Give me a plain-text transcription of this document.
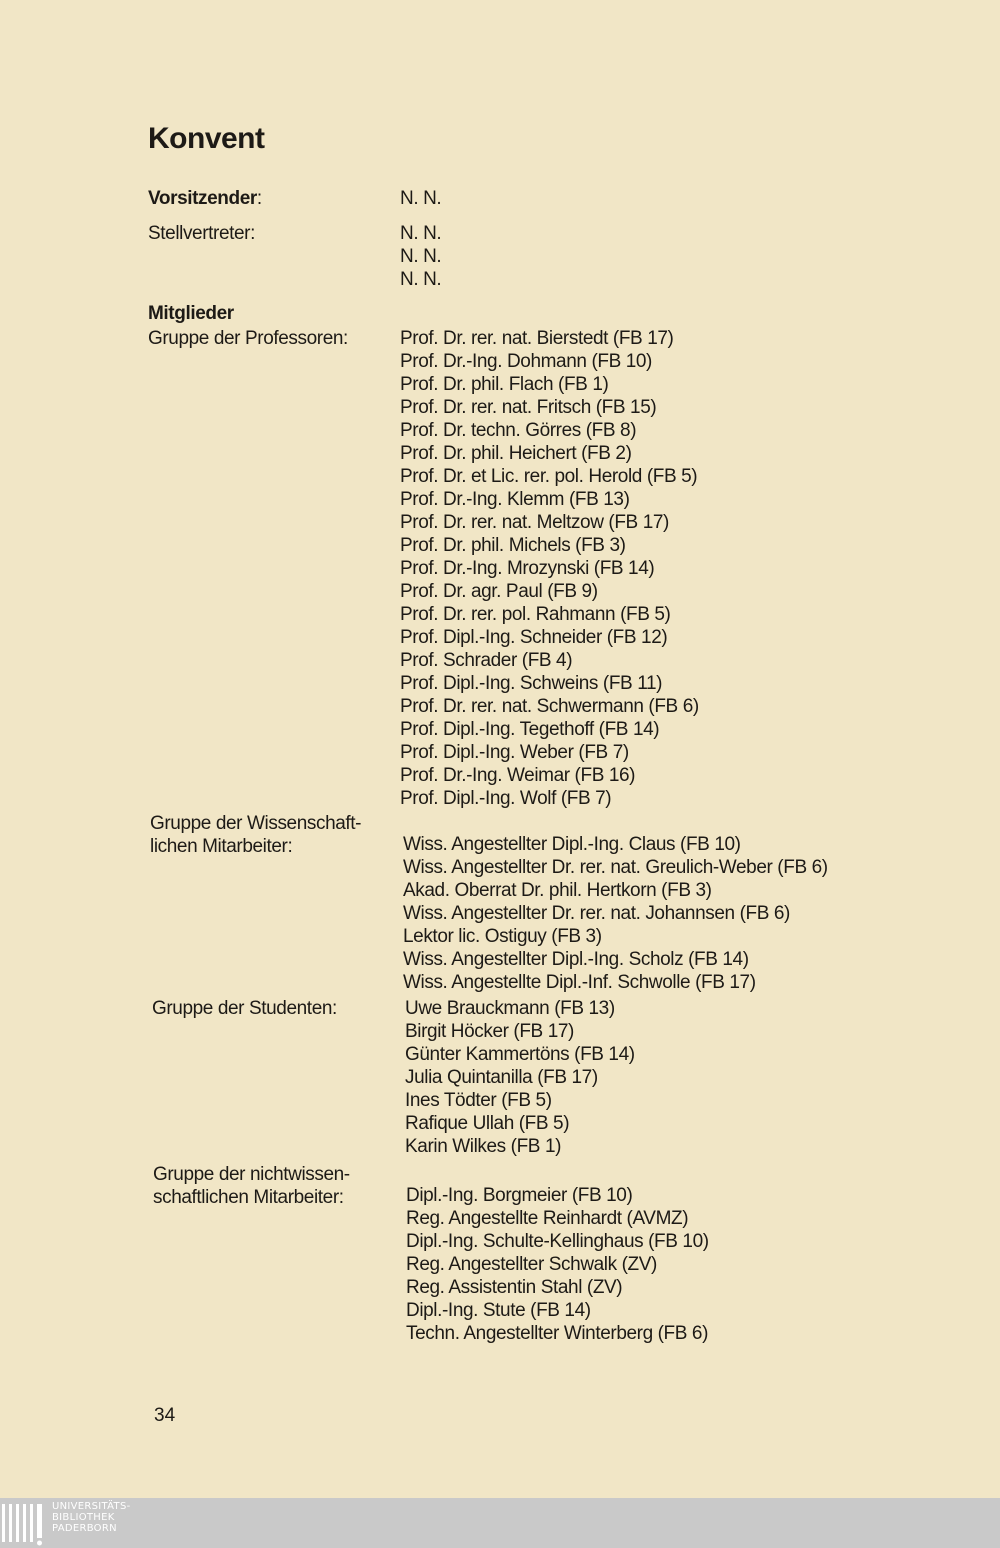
Konvent
Vorsitzender:	N. N.
Stellvertreter:	N. N.
N. N.
N. N.
Mitglieder
Gruppe der Professoren:	Prof. Dr. rer. nat. Bierstedt (FB 17)
Prof. Dr.-Ing. Dohmann (FB 10)
Prof. Dr. phil. Flach (FB 1)
Prof. Dr. rer. nat. Fritsch (FB 15)
Prof. Dr. techn. Görres (FB 8)
Prof. Dr. phil. Heichert (FB 2)
Prof. Dr. et Lic. rer. pol. Herold (FB 5)
Prof. Dr.-Ing. Klemm (FB 13)
Prof. Dr. rer. nat. Meltzow (FB 17)
Prof. Dr. phil. Michels (FB 3)
Prof. Dr.-Ing. Mrozynski (FB 14)
Prof. Dr. agr. Paul (FB 9)
Prof. Dr. rer. pol. Rahmann (FB 5)
Prof. Dipl.-Ing. Schneider (FB 12)
Prof. Schrader (FB 4)
Prof. Dipl.-Ing. Schweins (FB 11)
Prof. Dr. rer. nat. Schwermann (FB 6)
Prof. Dipl.-Ing. Tegethoff (FB 14)
Prof. Dipl.-Ing. Weber (FB 7)
Prof. Dr.-Ing. Weimar (FB 16)
Prof. Dipl.-Ing. Wolf (FB 7)
Gruppe der Wissenschaft-
lichen Mitarbeiter:	Wiss. Angestellter Dipl.-Ing. Claus (FB 10)
Wiss. Angestellter Dr. rer. nat. Greulich-Weber (FB 6)
Akad. Oberrat Dr. phil. Hertkorn (FB 3)
Wiss. Angestellter Dr. rer. nat. Johannsen (FB 6)
Lektor lic. Ostiguy (FB 3)
Wiss. Angestellter Dipl.-Ing. Scholz (FB 14)
Wiss. Angestellte Dipl.-Inf. Schwolle (FB 17)
Gruppe der Studenten:	Uwe Brauckmann (FB 13)
Birgit Höcker (FB 17)
Günter Kammertöns (FB 14)
Julia Quintanilla (FB 17)
Ines Tödter (FB 5)
Rafique Ullah (FB 5)
Karin Wilkes (FB 1)
Gruppe der nichtwissen-
schaftlichen Mitarbeiter:	Dipl.-Ing. Borgmeier (FB 10)
Reg. Angestellte Reinhardt (AVMZ)
Dipl.-Ing. Schulte-Kellinghaus (FB 10)
Reg. Angestellter Schwalk (ZV)
Reg. Assistentin Stahl (ZV)
Dipl.-Ing. Stute (FB 14)
Techn. Angestellter Winterberg (FB 6)
34
UNIVERSITÄTS-
BIBLIOTHEK
PADERBORN
